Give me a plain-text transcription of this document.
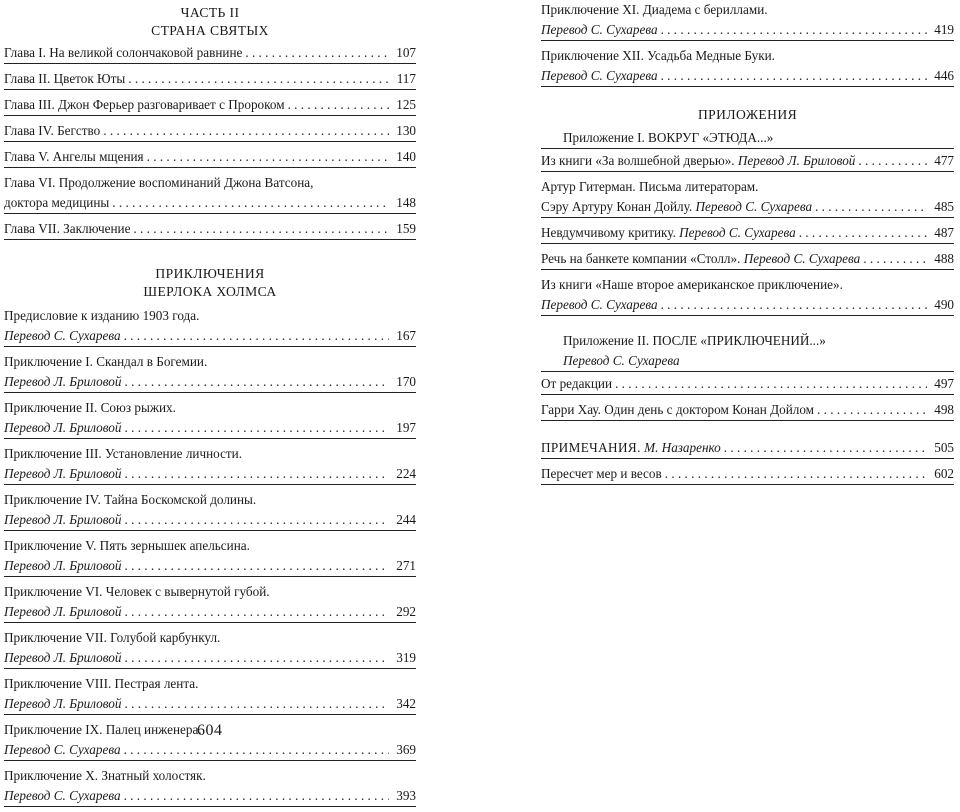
ЧАСТЬ II
СТРАНА СВЯТЫХ
Глава I. На великой солончаковой равнине . . .	107
Глава II. Цветок Юты . . .	117
Глава III. Джон Ферьер разговаривает с Пророком . . .	125
Глава IV. Бегство . . .	130
Глава V. Ангелы мщения . . .	140
Глава VI. Продолжение воспоминаний Джона Ватсона,
доктора медицины . . .	148
Глава VII. Заключение . . .	159
ПРИКЛЮЧЕНИЯ
ШЕРЛОКА ХОЛМСА
Предисловие к изданию 1903 года.
Перевод С. Сухарева . . .	167
Приключение I. Скандал в Богемии.
Перевод Л. Бриловой . . .	170
Приключение II. Союз рыжих.
Перевод Л. Бриловой . . .	197
Приключение III. Установление личности.
Перевод Л. Бриловой . . .	224
Приключение IV. Тайна Боскомской долины.
Перевод Л. Бриловой . . .	244
Приключение V. Пять зернышек апельсина.
Перевод Л. Бриловой . . .	271
Приключение VI. Человек с вывернутой губой.
Перевод Л. Бриловой . . .	292
Приключение VII. Голубой карбункул.
Перевод Л. Бриловой . . .	319
Приключение VIII. Пестрая лента.
Перевод Л. Бриловой . . .	342
Приключение IX. Палец инженера.
Перевод С. Сухарева . . .	369
Приключение X. Знатный холостяк.
Перевод С. Сухарева . . .	393
Приключение XI. Диадема с бериллами.
Перевод С. Сухарева . . .	419
Приключение XII. Усадьба Медные Буки.
Перевод С. Сухарева . . .	446
ПРИЛОЖЕНИЯ
Приложение I. ВОКРУГ «ЭТЮДА...»
Из книги «За волшебной дверью». Перевод Л. Бриловой . . .	477
Артур Гитерман. Письма литераторам.
Сэру Артуру Конан Дойлу. Перевод С. Сухарева . . .	485
Невдумчивому критику. Перевод С. Сухарева . . .	487
Речь на банкете компании «Столл». Перевод С. Сухарева . . .	488
Из книги «Наше второе американское приключение».
Перевод С. Сухарева . . .	490
Приложение II. ПОСЛЕ «ПРИКЛЮЧЕНИЙ...»
Перевод С. Сухарева
От редакции . . .	497
Гарри Хау. Один день с доктором Конан Дойлом . . .	498
ПРИМЕЧАНИЯ. М. Назаренко . . .	505
Пересчет мер и весов . . .	602
604
